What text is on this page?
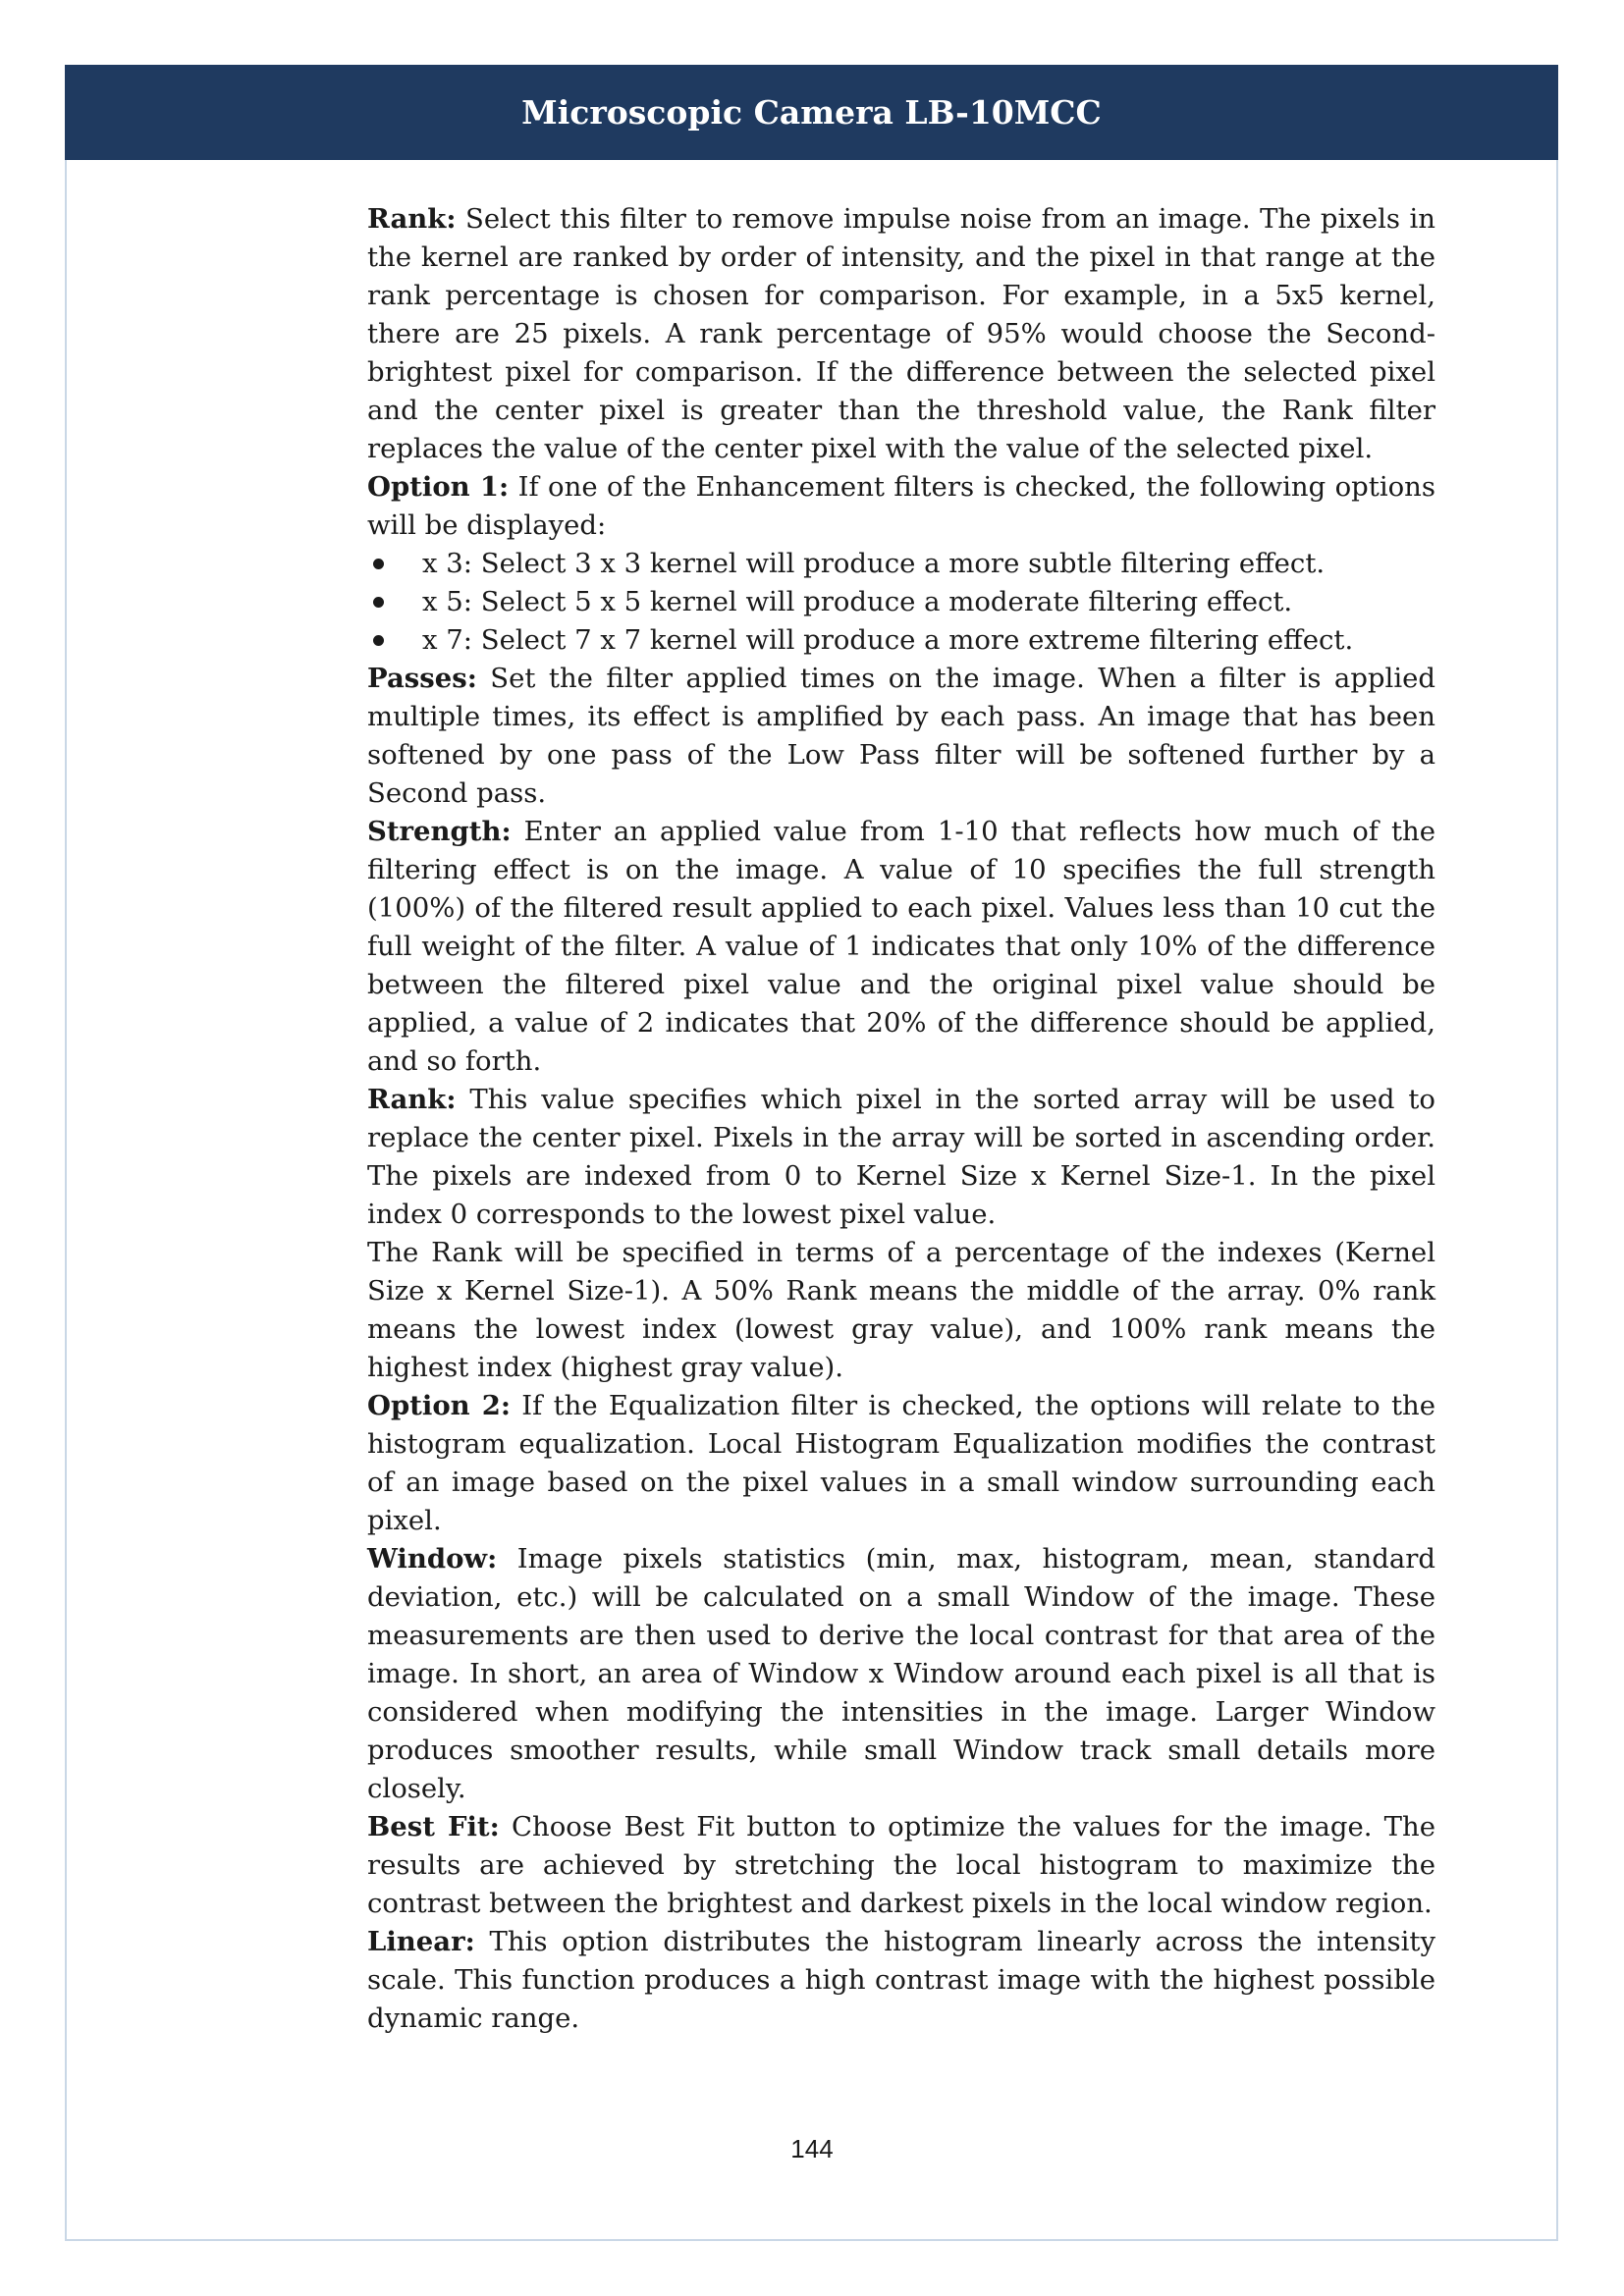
Microscopic Camera LB-10MCC

Rank: Select this filter to remove impulse noise from an image. The pixels in the kernel are ranked by order of intensity, and the pixel in that range at the rank percentage is chosen for comparison. For example, in a 5x5 kernel, there are 25 pixels. A rank percentage of 95% would choose the Second-brightest pixel for comparison. If the difference between the selected pixel and the center pixel is greater than the threshold value, the Rank filter replaces the value of the center pixel with the value of the selected pixel.

Option 1: If one of the Enhancement filters is checked, the following options will be displayed:

x 3: Select 3 x 3 kernel will produce a more subtle filtering effect.
x 5: Select 5 x 5 kernel will produce a moderate filtering effect.
x 7: Select 7 x 7 kernel will produce a more extreme filtering effect.

Passes: Set the filter applied times on the image. When a filter is applied multiple times, its effect is amplified by each pass. An image that has been softened by one pass of the Low Pass filter will be softened further by a Second pass.

Strength: Enter an applied value from 1-10 that reflects how much of the filtering effect is on the image. A value of 10 specifies the full strength (100%) of the filtered result applied to each pixel. Values less than 10 cut the full weight of the filter. A value of 1 indicates that only 10% of the difference between the filtered pixel value and the original pixel value should be applied, a value of 2 indicates that 20% of the difference should be applied, and so forth.

Rank: This value specifies which pixel in the sorted array will be used to replace the center pixel. Pixels in the array will be sorted in ascending order. The pixels are indexed from 0 to Kernel Size x Kernel Size-1. In the pixel index 0 corresponds to the lowest pixel value.

The Rank will be specified in terms of a percentage of the indexes (Kernel Size x Kernel Size-1). A 50% Rank means the middle of the array. 0% rank means the lowest index (lowest gray value), and 100% rank means the highest index (highest gray value).

Option 2: If the Equalization filter is checked, the options will relate to the histogram equalization. Local Histogram Equalization modifies the contrast of an image based on the pixel values in a small window surrounding each pixel.

Window: Image pixels statistics (min, max, histogram, mean, standard deviation, etc.) will be calculated on a small Window of the image. These measurements are then used to derive the local contrast for that area of the image. In short, an area of Window x Window around each pixel is all that is considered when modifying the intensities in the image. Larger Window produces smoother results, while small Window track small details more closely.

Best Fit: Choose Best Fit button to optimize the values for the image. The results are achieved by stretching the local histogram to maximize the contrast between the brightest and darkest pixels in the local window region.

Linear: This option distributes the histogram linearly across the intensity scale. This function produces a high contrast image with the highest possible dynamic range.

144
